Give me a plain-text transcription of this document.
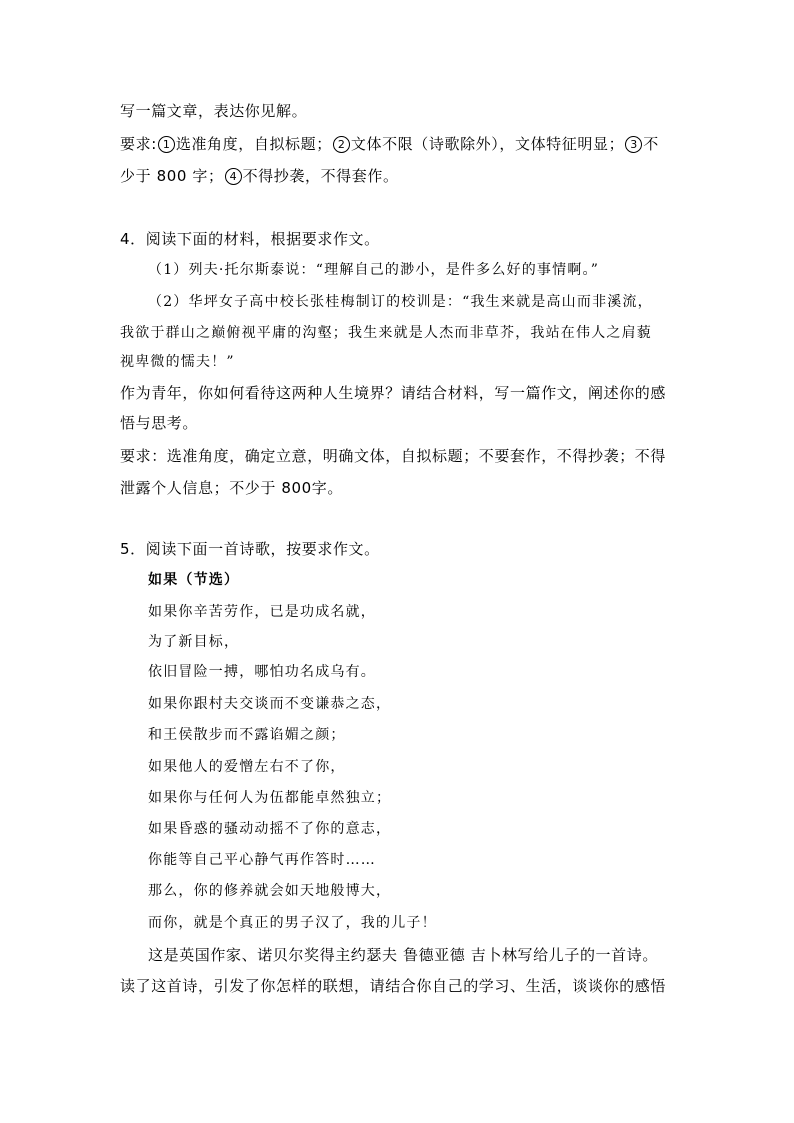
写一篇文章，表达你见解。
要求: 1 选准角度，自拟标题； 2 文体不限（诗歌除外），文体特征明显； 3 不
少于 800 字； 4 不得抄袭，不得套作。
4．阅读下面的材料，根据要求作文。
（1）列夫·托尔斯泰说：“理解自己的渺小，是件多么好的事情啊。”
（2）华坪女子高中校长张桂梅制订的校训是：“我生来就是高山而非溪流，
我欲于群山之巅俯视平庸的沟壑；我生来就是人杰而非草芥，我站在伟人之肩藐
视卑微的懦夫！”
作为青年，你如何看待这两种人生境界？请结合材料，写一篇作文，阐述你的感
悟与思考。
要求：选准角度，确定立意，明确文体，自拟标题；不要套作，不得抄袭；不得
泄露个人信息；不少于 800字。
5．阅读下面一首诗歌，按要求作文。
如果（节选）
如果你辛苦劳作，已是功成名就，
为了新目标，
依旧冒险一搏，哪怕功名成乌有。
如果你跟村夫交谈而不变谦恭之态，
和王侯散步而不露谄媚之颜；
如果他人的爱憎左右不了你，
如果你与任何人为伍都能卓然独立；
如果昏惑的骚动动摇不了你的意志，
你能等自己平心静气再作答时……
那么，你的修养就会如天地般博大，
而你，就是个真正的男子汉了，我的儿子！
这是英国作家、诺贝尔奖得主约瑟夫 鲁德亚德 吉卜林写给儿子的一首诗。
读了这首诗，引发了你怎样的联想，请结合你自己的学习、生活，谈谈你的感悟
